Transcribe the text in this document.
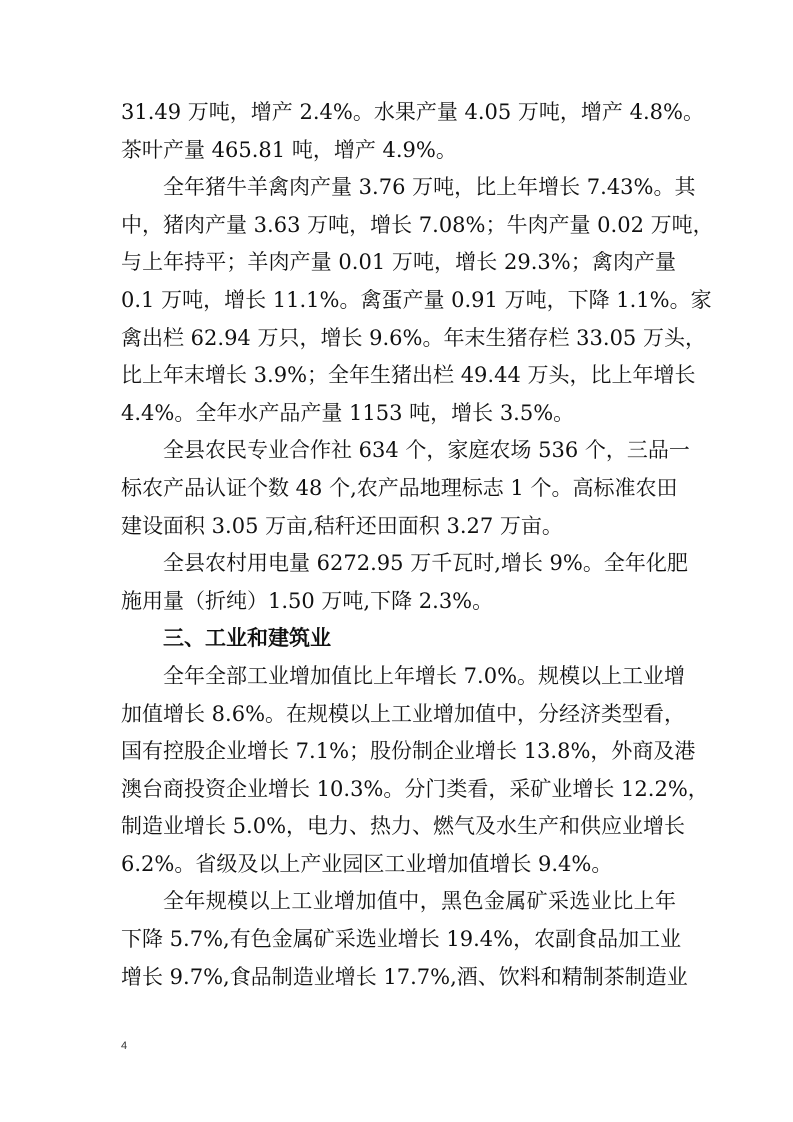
31.49 万吨，增产 2.4%。水果产量 4.05 万吨，增产 4.8%。
茶叶产量 465.81 吨，增产 4.9%。
全年猪牛羊禽肉产量 3.76 万吨，比上年增长 7.43%。其
中，猪肉产量 3.63 万吨，增长 7.08%；牛肉产量 0.02 万吨，
与上年持平；羊肉产量 0.01 万吨，增长 29.3%；禽肉产量
0.1 万吨，增长 11.1%。禽蛋产量 0.91 万吨，下降 1.1%。家
禽出栏 62.94 万只，增长 9.6%。年末生猪存栏 33.05 万头，
比上年末增长 3.9%；全年生猪出栏 49.44 万头，比上年增长
4.4%。全年水产品产量 1153 吨，增长 3.5%。
全县农民专业合作社 634 个，家庭农场 536 个，三品一
标农产品认证个数 48 个,农产品地理标志 1 个。高标准农田
建设面积 3.05 万亩,秸秆还田面积 3.27 万亩。
全县农村用电量 6272.95 万千瓦时,增长 9%。全年化肥
施用量（折纯）1.50 万吨,下降 2.3%。
三、工业和建筑业
全年全部工业增加值比上年增长 7.0%。规模以上工业增
加值增长 8.6%。在规模以上工业增加值中，分经济类型看，
国有控股企业增长 7.1%；股份制企业增长 13.8%，外商及港
澳台商投资企业增长 10.3%。分门类看，采矿业增长 12.2%，
制造业增长 5.0%，电力、热力、燃气及水生产和供应业增长
6.2%。省级及以上产业园区工业增加值增长 9.4%。
全年规模以上工业增加值中，黑色金属矿采选业比上年
下降 5.7%,有色金属矿采选业增长 19.4%，农副食品加工业
增长 9.7%,食品制造业增长 17.7%,酒、饮料和精制茶制造业
4
